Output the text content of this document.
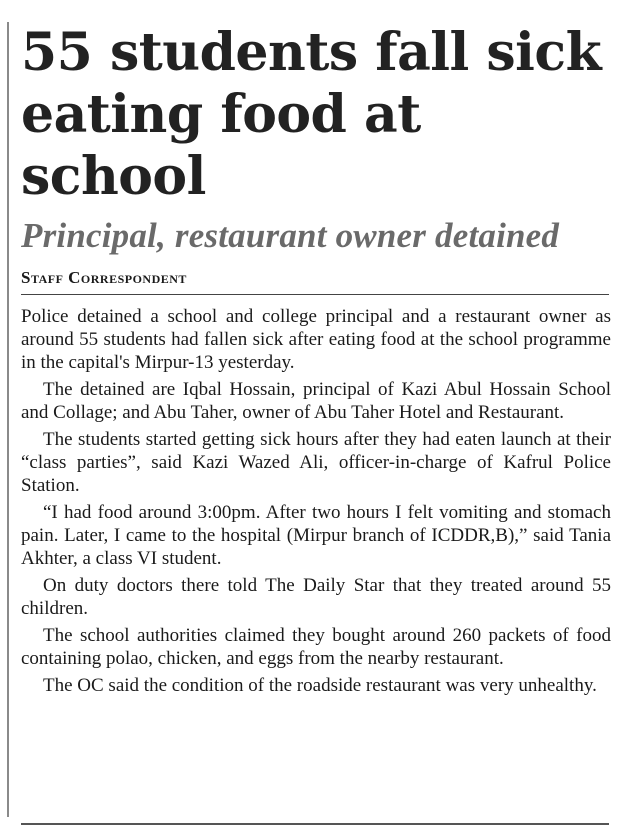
55 students fall sick eating food at school
Principal, restaurant owner detained
Staff Correspondent

Police detained a school and college principal and a restaurant owner as around 55 students had fallen sick after eating food at the school programme in the capital's Mirpur-13 yesterday.

The detained are Iqbal Hossain, principal of Kazi Abul Hossain School and Collage; and Abu Taher, owner of Abu Taher Hotel and Restaurant.

The students started getting sick hours after they had eaten launch at their “class parties”, said Kazi Wazed Ali, officer-in-charge of Kafrul Police Station.

“I had food around 3:00pm. After two hours I felt vomiting and stomach pain. Later, I came to the hospital (Mirpur branch of ICDDR,B),” said Tania Akhter, a class VI student.

On duty doctors there told The Daily Star that they treated around 55 children.

The school authorities claimed they bought around 260 packets of food containing polao, chicken, and eggs from the nearby restaurant.

The OC said the condition of the roadside restaurant was very unhealthy.
